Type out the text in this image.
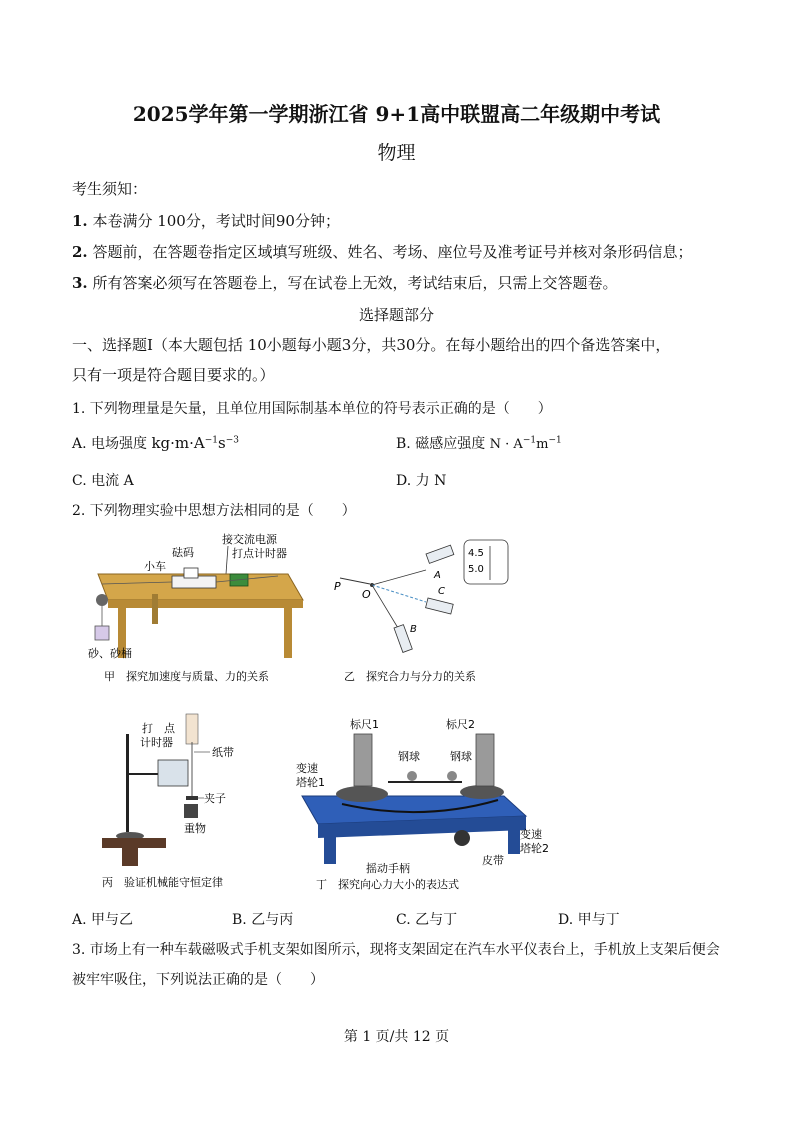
2025学年第一学期浙江省 9+1高中联盟高二年级期中考试
物理
考生须知：
1. 本卷满分 100分，考试时间90分钟；
2. 答题前，在答题卷指定区域填写班级、姓名、考场、座位号及准考证号并核对条形码信息；
3. 所有答案必须写在答题卷上，写在试卷上无效，考试结束后，只需上交答题卷。
选择题部分
一、选择题Ⅰ（本大题包括 10小题每小题3分，共30分。在每小题给出的四个备选答案中，
只有一项是符合题目要求的。）
1. 下列物理量是矢量，且单位用国际制基本单位的符号表示正确的是（　　）
A. 电场强度 $kg\cdot m\cdot A^{-1}s^{-3}$	B. 磁感应强度 $N \cdot A^{-1}m^{-1}$
C. 电流 A	D. 力 N
2. 下列物理实验中思想方法相同的是（　　）
接交流电源
砝码	打点计时器
小车
砂、砂桶
甲　探究加速度与质量、力的关系
P
O
A
4.5
5.0
C
B
乙　探究合力与分力的关系
打　点
计时器
纸带
夹子
重物
丙　验证机械能守恒定律
标尺1	标尺2
变速
塔轮1
钢球	钢球
变速
塔轮2
摇动手柄
皮带
丁　探究向心力大小的表达式
A. 甲与乙	B. 乙与丙	C. 乙与丁	D. 甲与丁
3. 市场上有一种车载磁吸式手机支架如图所示，现将支架固定在汽车水平仪表台上，手机放上支架后便会
被牢牢吸住，下列说法正确的是（　　）
第 1 页/共 12 页
